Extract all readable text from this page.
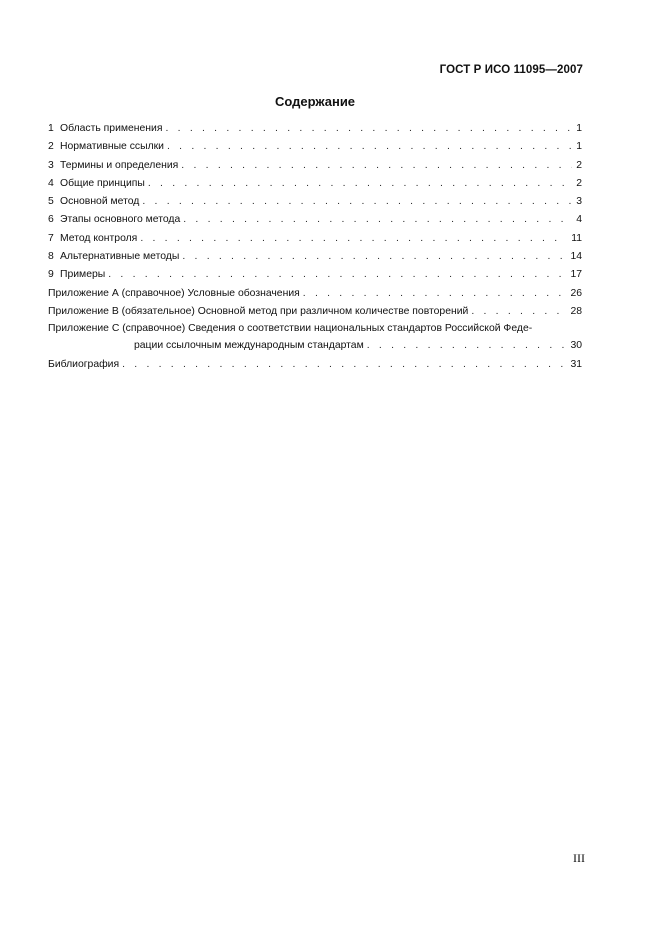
ГОСТ Р ИСО 11095—2007
Содержание
1 Область применения . . .	1
2 Нормативные ссылки . . .	1
3 Термины и определения . . .	2
4 Общие принципы . . .	2
5 Основной метод . . .	3
6 Этапы основного метода . . .	4
7 Метод контроля . . .	11
8 Альтернативные методы . . .	14
9 Примеры . . .	17
Приложение А (справочное) Условные обозначения . . .	26
Приложение В (обязательное) Основной метод при различном количестве повторений . . .	28
Приложение С (справочное) Сведения о соответствии национальных стандартов Российской Феде-
рации ссылочным международным стандартам . . .	30
Библиография . . .	31
III
